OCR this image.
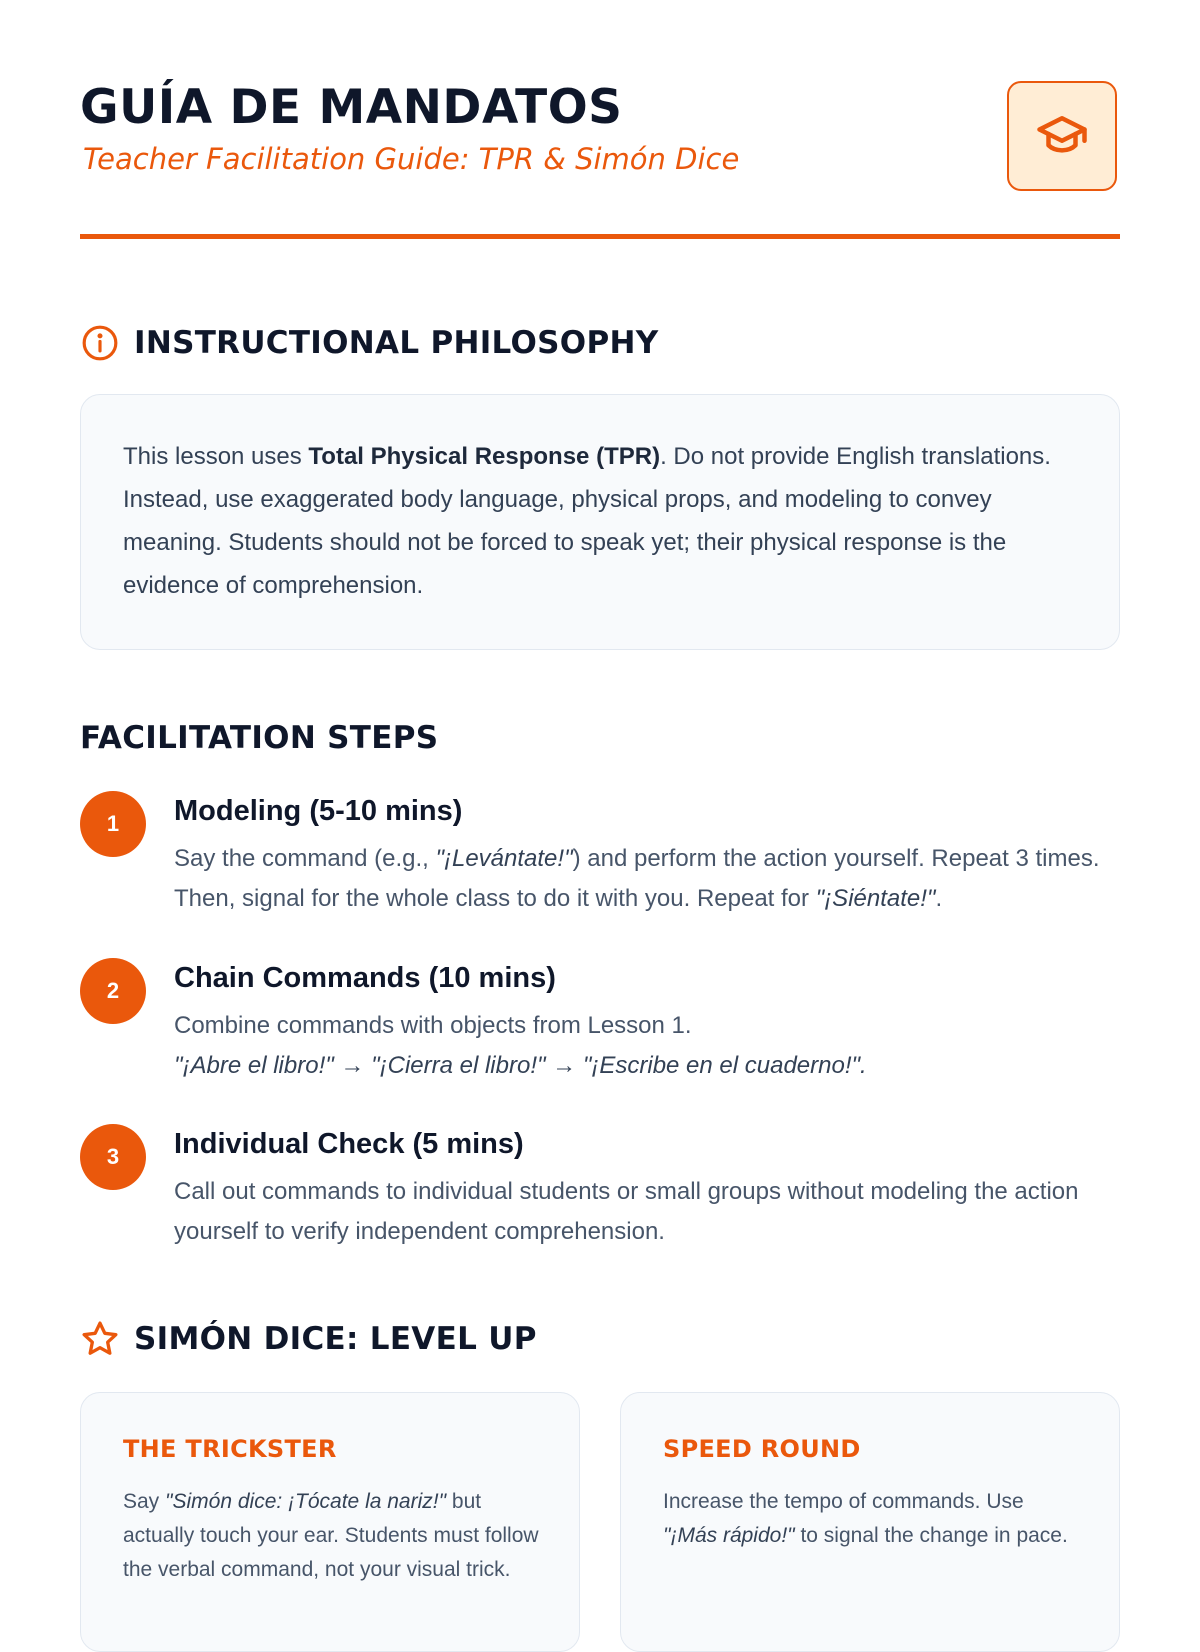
GUÍA DE MANDATOS
Teacher Facilitation Guide: TPR & Simón Dice
INSTRUCTIONAL PHILOSOPHY
This lesson uses Total Physical Response (TPR). Do not provide English translations. Instead, use exaggerated body language, physical props, and modeling to convey meaning. Students should not be forced to speak yet; their physical response is the evidence of comprehension.
FACILITATION STEPS
1	Modeling (5-10 mins)
Say the command (e.g., "¡Levántate!") and perform the action yourself. Repeat 3 times. Then, signal for the whole class to do it with you. Repeat for "¡Siéntate!".
2	Chain Commands (10 mins)
Combine commands with objects from Lesson 1.
"¡Abre el libro!" → "¡Cierra el libro!" → "¡Escribe en el cuaderno!".
3	Individual Check (5 mins)
Call out commands to individual students or small groups without modeling the action yourself to verify independent comprehension.
SIMÓN DICE: LEVEL UP
THE TRICKSTER
Say "Simón dice: ¡Tócate la nariz!" but actually touch your ear. Students must follow the verbal command, not your visual trick.
SPEED ROUND
Increase the tempo of commands. Use "¡Más rápido!" to signal the change in pace.
